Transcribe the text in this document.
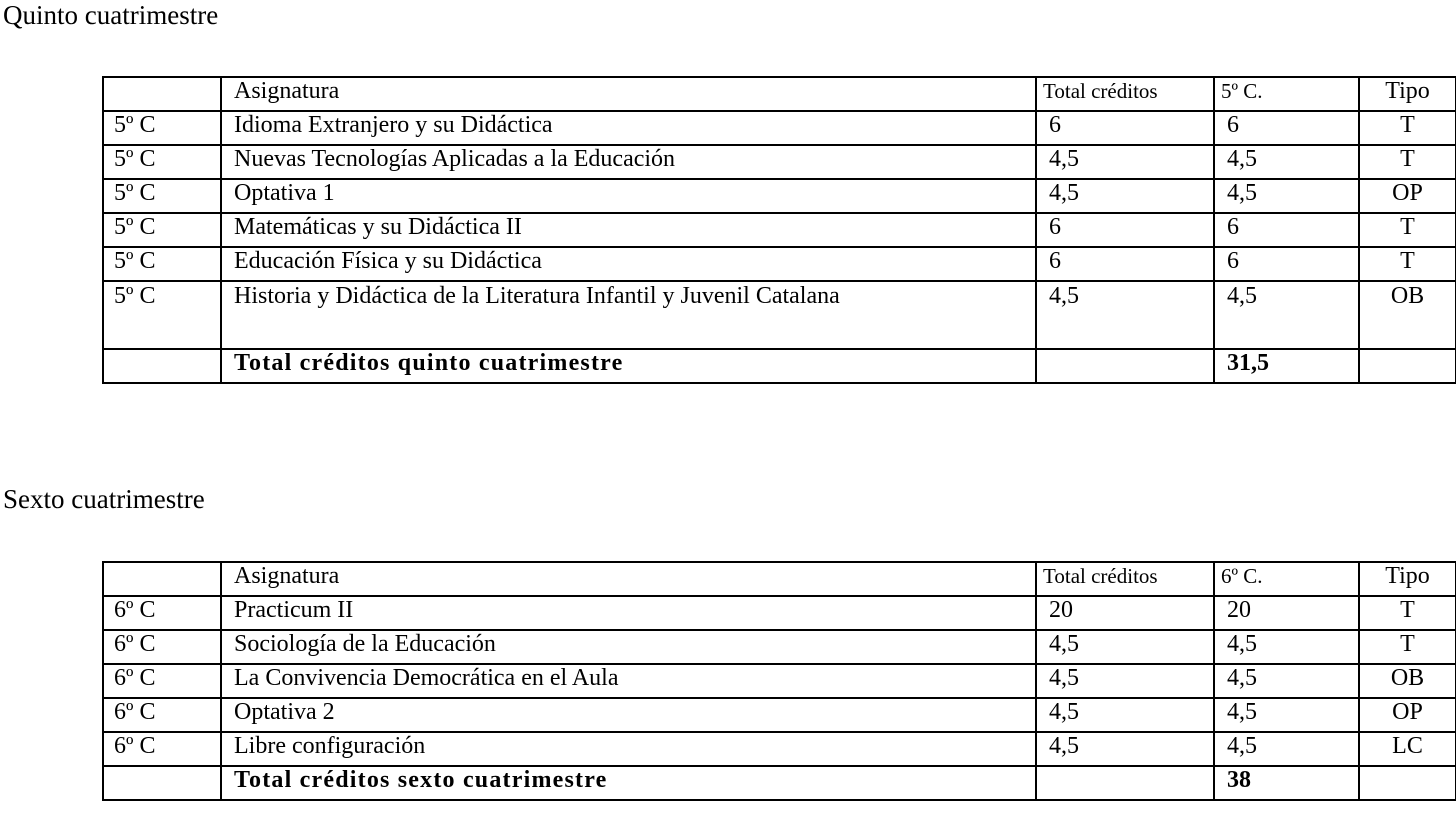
Quinto cuatrimestre
	Asignatura	Total créditos	5º C.	Tipo
5º C	Idioma Extranjero y su Didáctica	6	6	T
5º C	Nuevas Tecnologías Aplicadas a la Educación	4,5	4,5	T
5º C	Optativa 1	4,5	4,5	OP
5º C	Matemáticas y su Didáctica II	6	6	T
5º C	Educación Física y su Didáctica	6	6	T
5º C	Historia y Didáctica de la Literatura Infantil y Juvenil Catalana	4,5	4,5	OB
	Total créditos quinto cuatrimestre		31,5	
Sexto cuatrimestre
	Asignatura	Total créditos	6º C.	Tipo
6º C	Practicum II	20	20	T
6º C	Sociología de la Educación	4,5	4,5	T
6º C	La Convivencia Democrática en el Aula	4,5	4,5	OB
6º C	Optativa 2	4,5	4,5	OP
6º C	Libre configuración	4,5	4,5	LC
	Total créditos sexto cuatrimestre		38	
